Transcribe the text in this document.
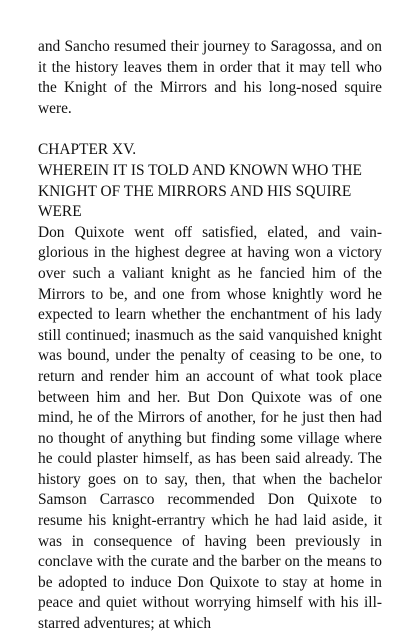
and Sancho resumed their journey to Saragossa, and on it the history leaves them in order that it may tell who the Knight of the Mirrors and his long-nosed squire were.

CHAPTER XV.

WHEREIN IT IS TOLD AND KNOWN WHO THE KNIGHT OF THE MIRRORS AND HIS SQUIRE WERE

Don Quixote went off satisfied, elated, and vain-glorious in the highest degree at having won a victory over such a valiant knight as he fancied him of the Mirrors to be, and one from whose knightly word he expected to learn whether the enchantment of his lady still continued; inasmuch as the said vanquished knight was bound, under the penalty of ceasing to be one, to return and render him an account of what took place between him and her. But Don Quixote was of one mind, he of the Mirrors of another, for he just then had no thought of anything but finding some village where he could plaster himself, as has been said already. The history goes on to say, then, that when the bachelor Samson Carrasco recommended Don Quixote to resume his knight-errantry which he had laid aside, it was in consequence of having been previously in conclave with the curate and the barber on the means to be adopted to induce Don Quixote to stay at home in peace and quiet without worrying himself with his ill-starred adventures; at which
